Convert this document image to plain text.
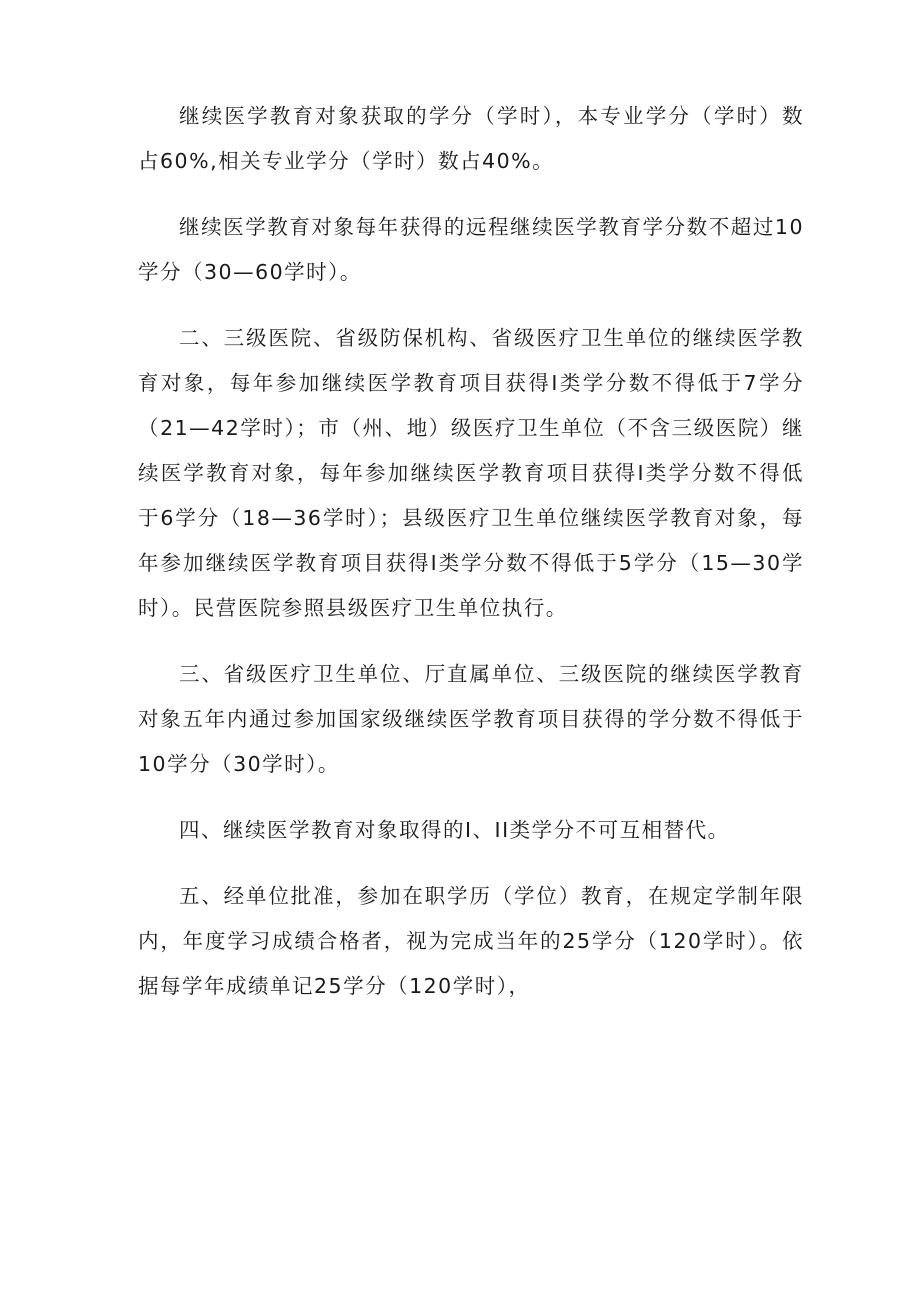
继续医学教育对象获取的学分（学时），本专业学分（学时）数占60%,相关专业学分（学时）数占40%。

继续医学教育对象每年获得的远程继续医学教育学分数不超过10学分（30—60学时）。

二、三级医院、省级防保机构、省级医疗卫生单位的继续医学教育对象，每年参加继续医学教育项目获得I类学分数不得低于7学分（21—42学时）；市（州、地）级医疗卫生单位（不含三级医院）继续医学教育对象，每年参加继续医学教育项目获得I类学分数不得低于6学分（18—36学时）；县级医疗卫生单位继续医学教育对象，每年参加继续医学教育项目获得I类学分数不得低于5学分（15—30学时）。民营医院参照县级医疗卫生单位执行。

三、省级医疗卫生单位、厅直属单位、三级医院的继续医学教育对象五年内通过参加国家级继续医学教育项目获得的学分数不得低于10学分（30学时）。

四、继续医学教育对象取得的I、II类学分不可互相替代。

五、经单位批准，参加在职学历（学位）教育，在规定学制年限内，年度学习成绩合格者，视为完成当年的25学分（120学时）。依据每学年成绩单记25学分（120学时），
